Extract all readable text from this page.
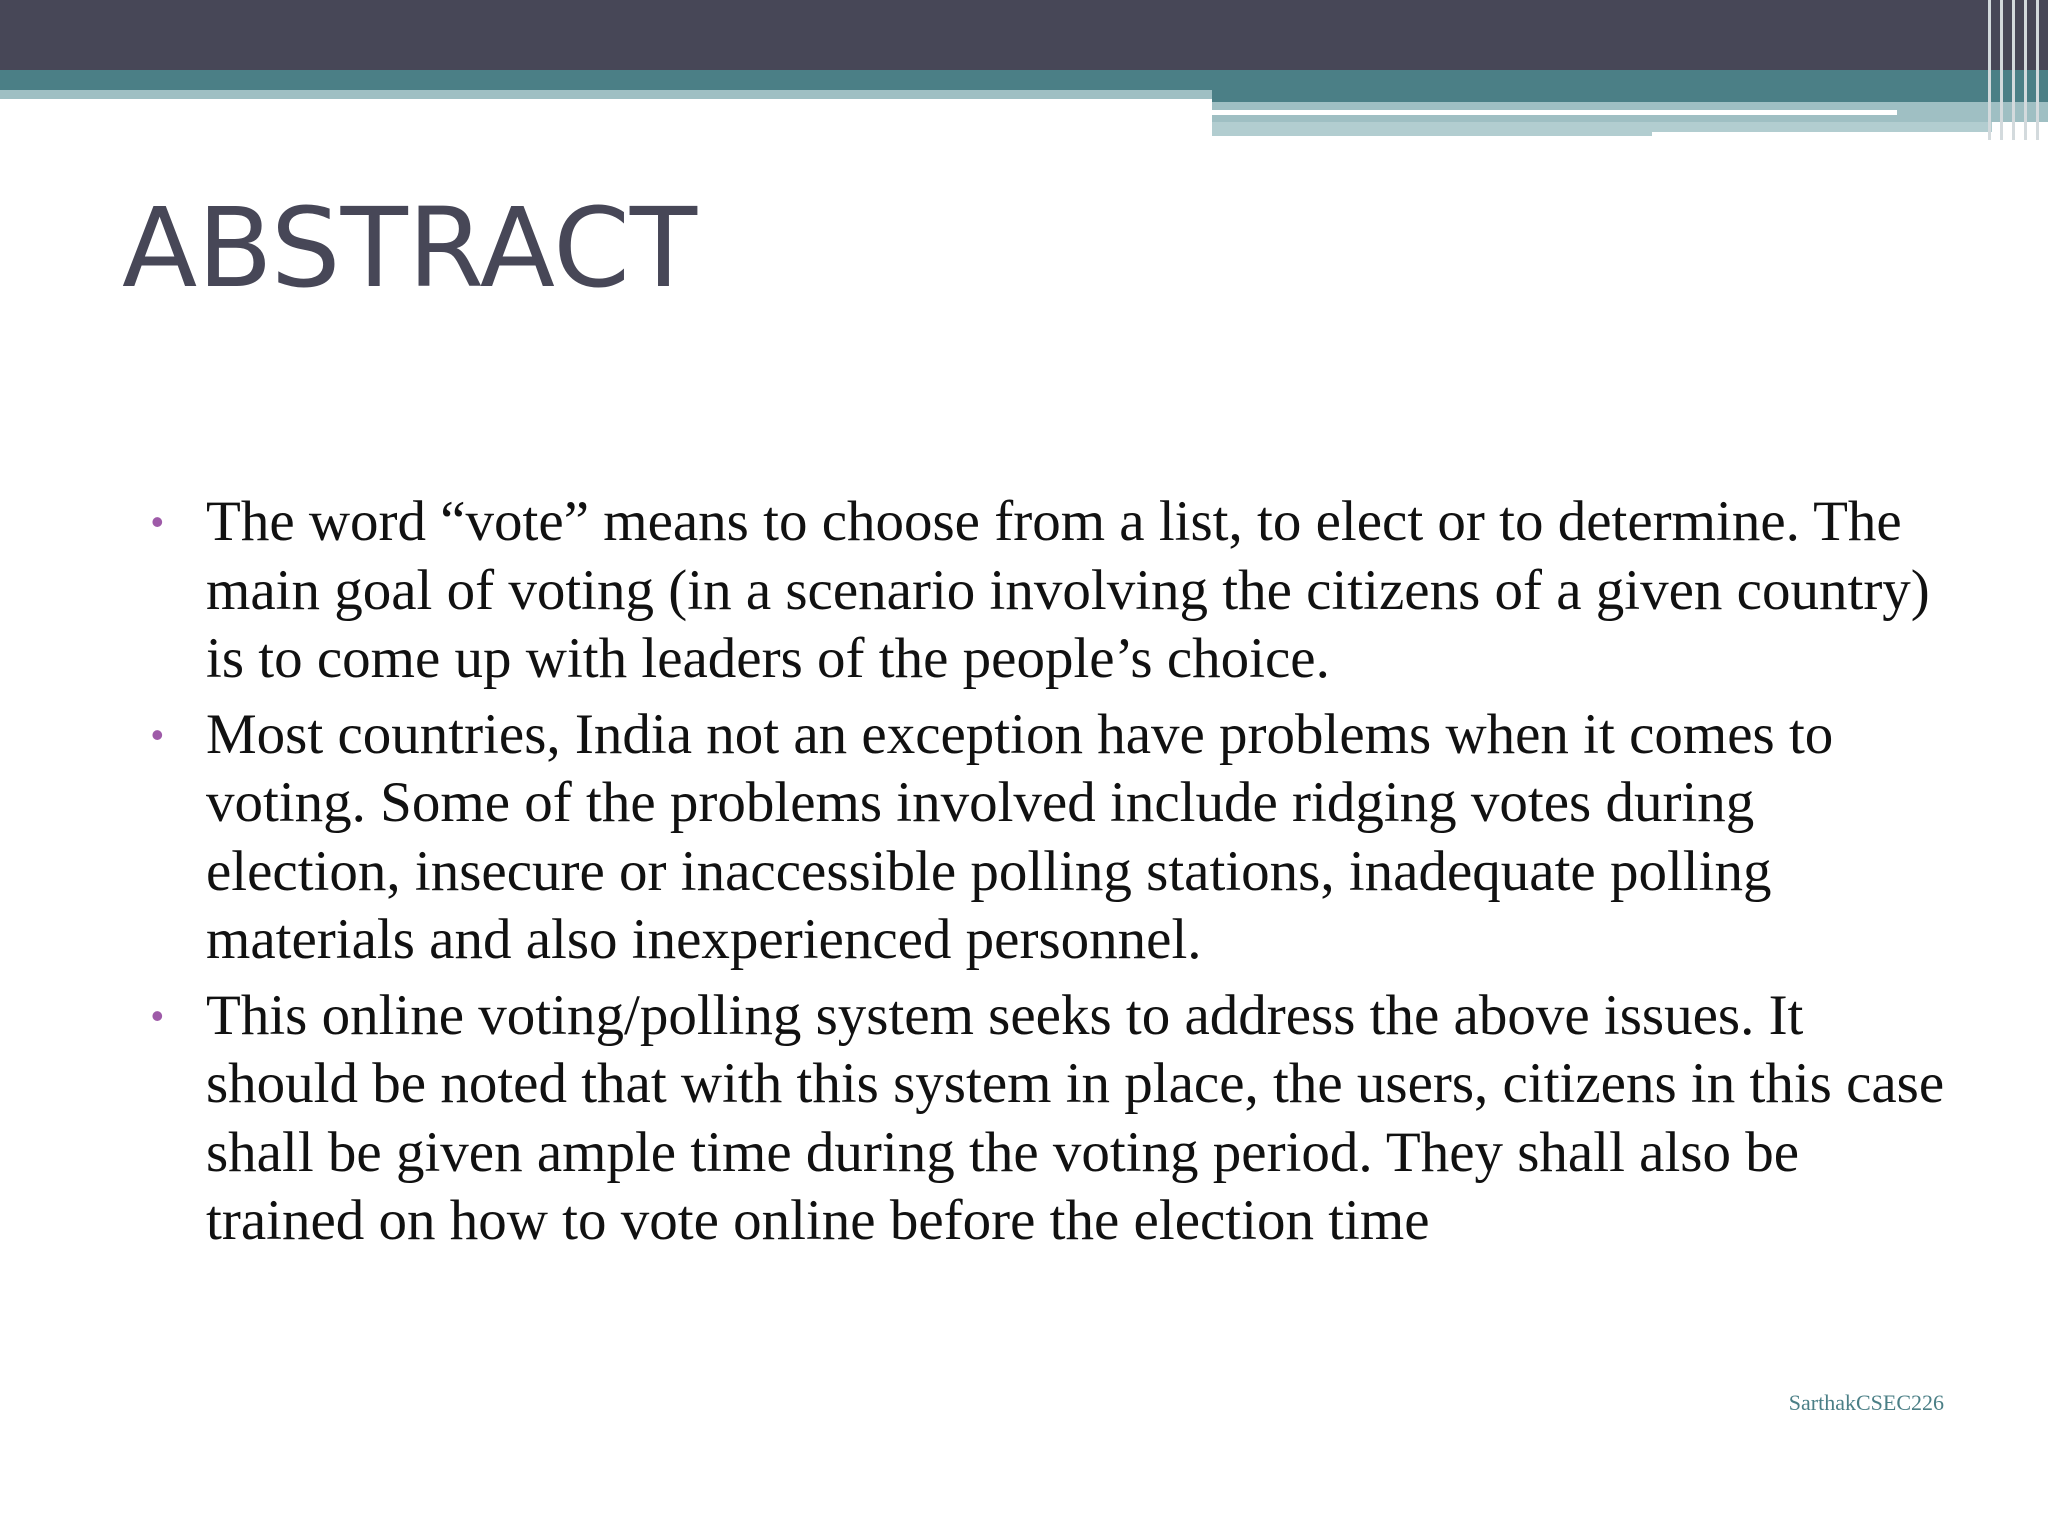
ABSTRACT
• The word “vote” means to choose from a list, to elect or to determine. The main goal of voting (in a scenario involving the citizens of a given country) is to come up with leaders of the people’s choice.
• Most countries, India not an exception have problems when it comes to voting. Some of the problems involved include ridging votes during election, insecure or inaccessible polling stations, inadequate polling materials and also inexperienced personnel.
• This online voting/polling system seeks to address the above issues. It should be noted that with this system in place, the users, citizens in this case shall be given ample time during the voting period. They shall also be trained on how to vote online before the election time
SarthakCSEC226
